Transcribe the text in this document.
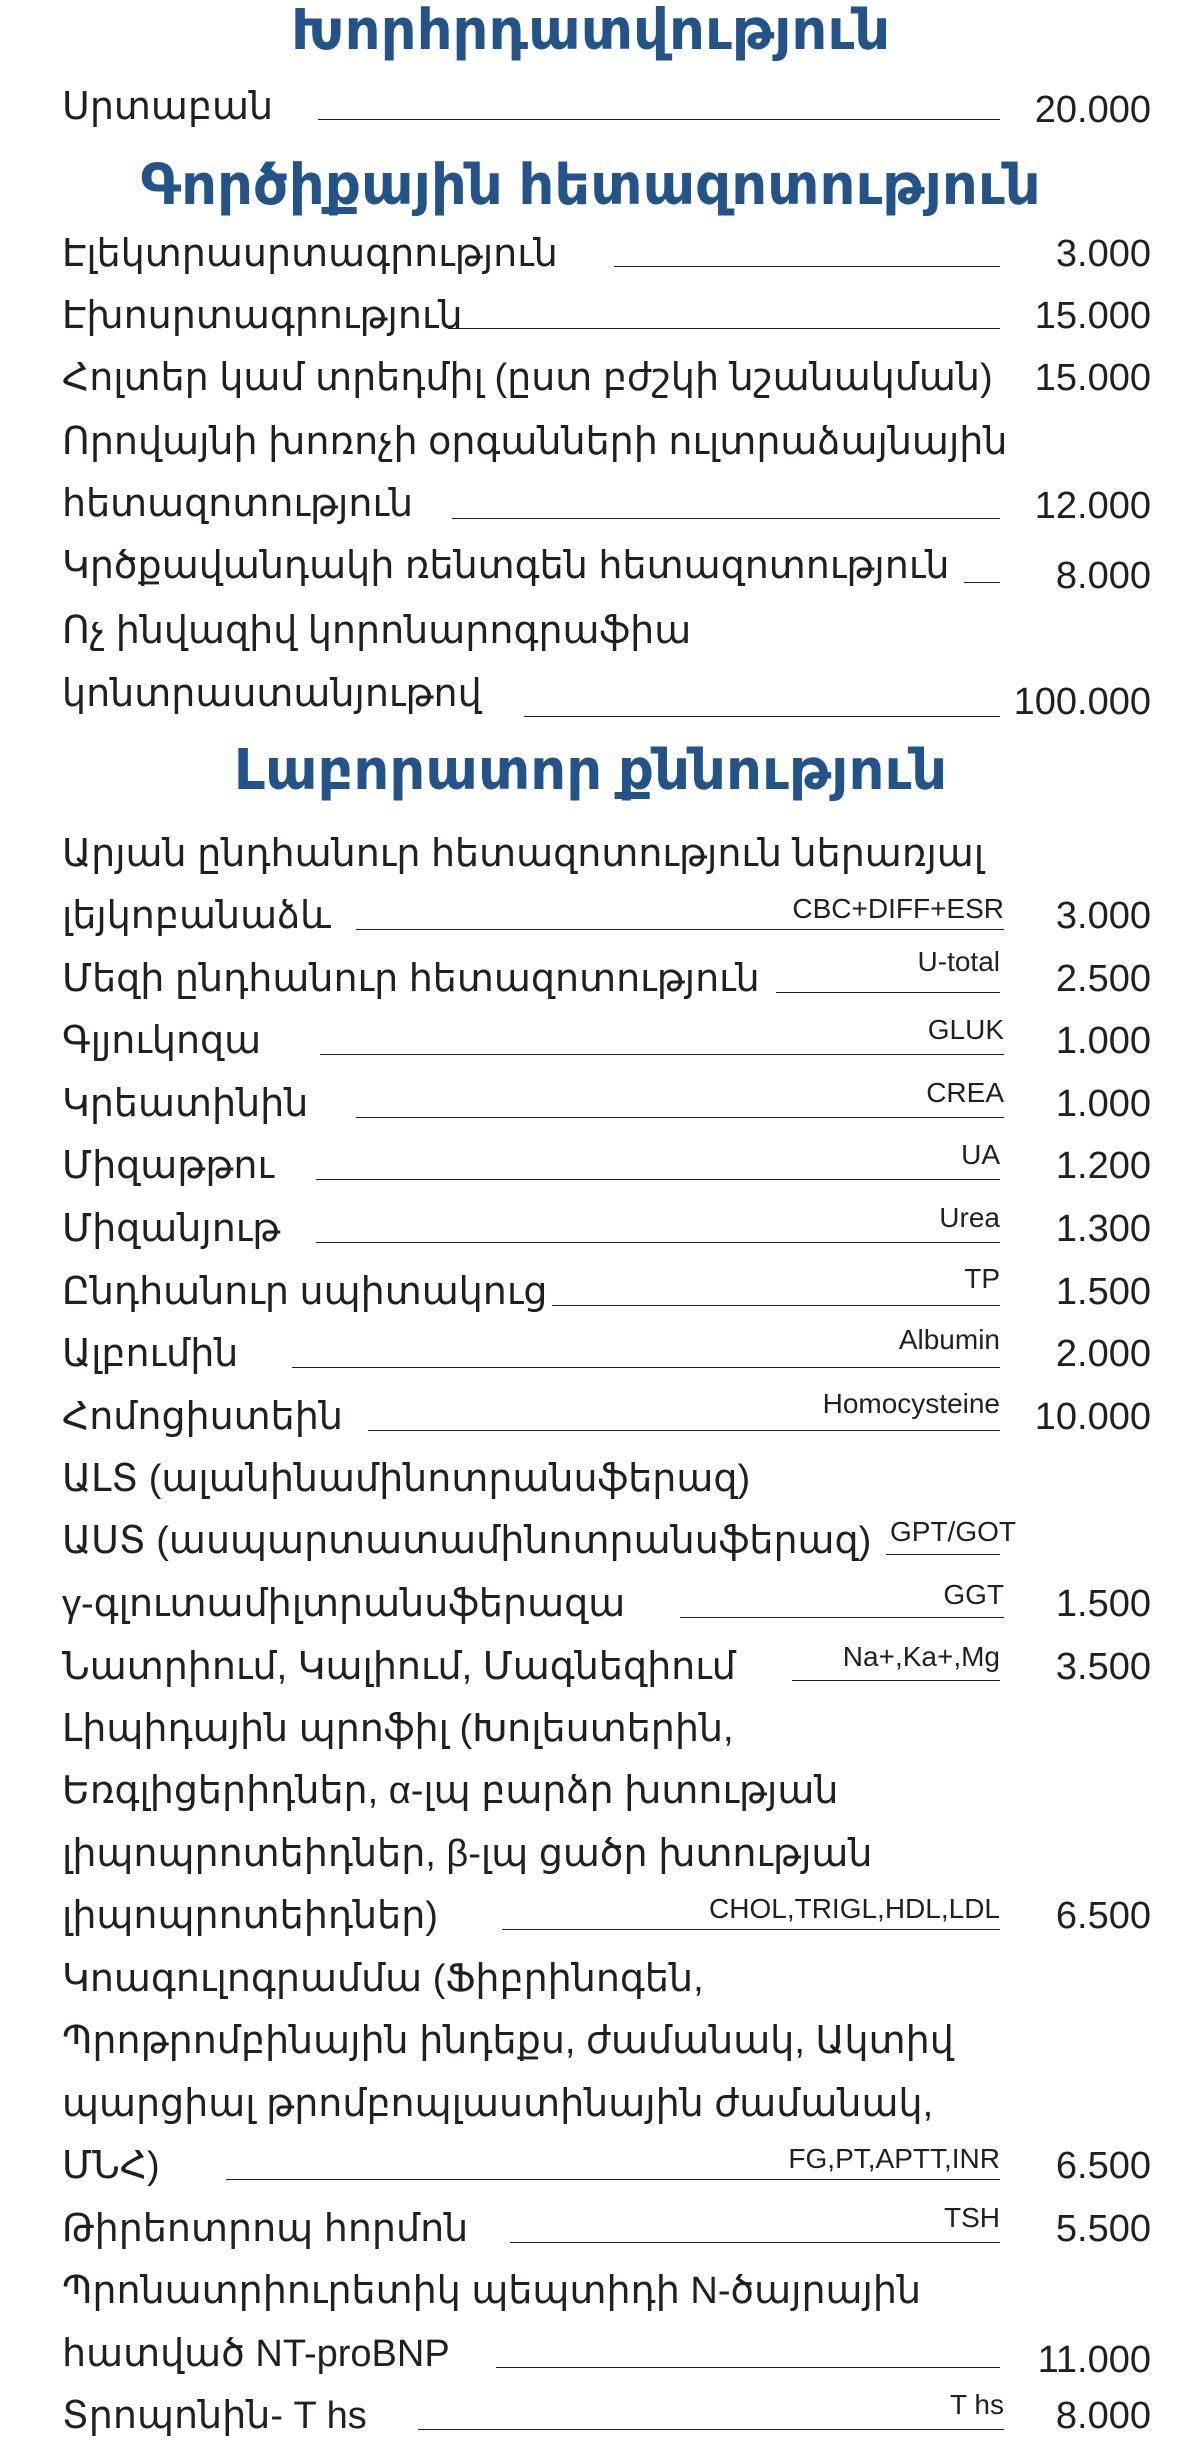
Խորհրդատվություն
Գործիքային հետազոտություն
Լաբորատոր քննություն
Սրտաբան	20.000
Էլեկտրասրտագրություն	3.000
Էխոսրտագրություն	15.000
Հոլտեր կամ տրեդմիլ (ըստ բժշկի նշանակման) 15.000
Որովայնի խոռոչի օրգանների ուլտրաձայնային
հետազոտություն	12.000
Կրծքավանդակի ռենտգեն հետազոտություն	8.000
Ոչ ինվազիվ կորոնարոգրաֆիա
կոնտրաստանյութով	100.000
Արյան ընդհանուր հետազոտություն ներառյալ
լեյկոբանաձև	CBC+DIFF+ESR 3.000
Մեզի ընդհանուր հետազոտություն	U-total 2.500
Գլյուկոզա	GLUK 1.000
Կրեատինին	CREA 1.000
Միզաթթու	UA 1.200
Միզանյութ	Urea 1.300
Ընդհանուր սպիտակուց	TP 1.500
Ալբումին	Albumin 2.000
Հոմոցիստեին	Homocysteine 10.000
ԱԼՏ (ալանինամինոտրանսֆերազ)
ԱՍՏ (ասպարտատամինոտրանսֆերազ) GPT/GOT
γ-գլուտամիլտրանսֆերազա	GGT 1.500
Նատրիում, Կալիում, Մագնեզիում	Na+,Ka+,Mg 3.500
Լիպիդային պրոֆիլ (Խոլեստերին,
Եռգլիցերիդներ, α-լպ բարձր խտության
լիպոպրոտեիդներ, β-լպ ցածր խտության
լիպոպրոտեիդներ)	CHOL,TRIGL,HDL,LDL 6.500
Կոագուլոգրամմա (Ֆիբրինոգեն,
Պրոթրոմբինային ինդեքս, ժամանակ, Ակտիվ
պարցիալ թրոմբոպլաստինային ժամանակ,
ՄՆՀ)	FG,PT,APTT,INR 6.500
Թիրեոտրոպ հորմոն	TSH 5.500
Պրոնատրիուրետիկ պեպտիդի N-ծայրային
հատված NT-proBNP	11.000
Տրոպոնին- T hs	T hs 8.000
